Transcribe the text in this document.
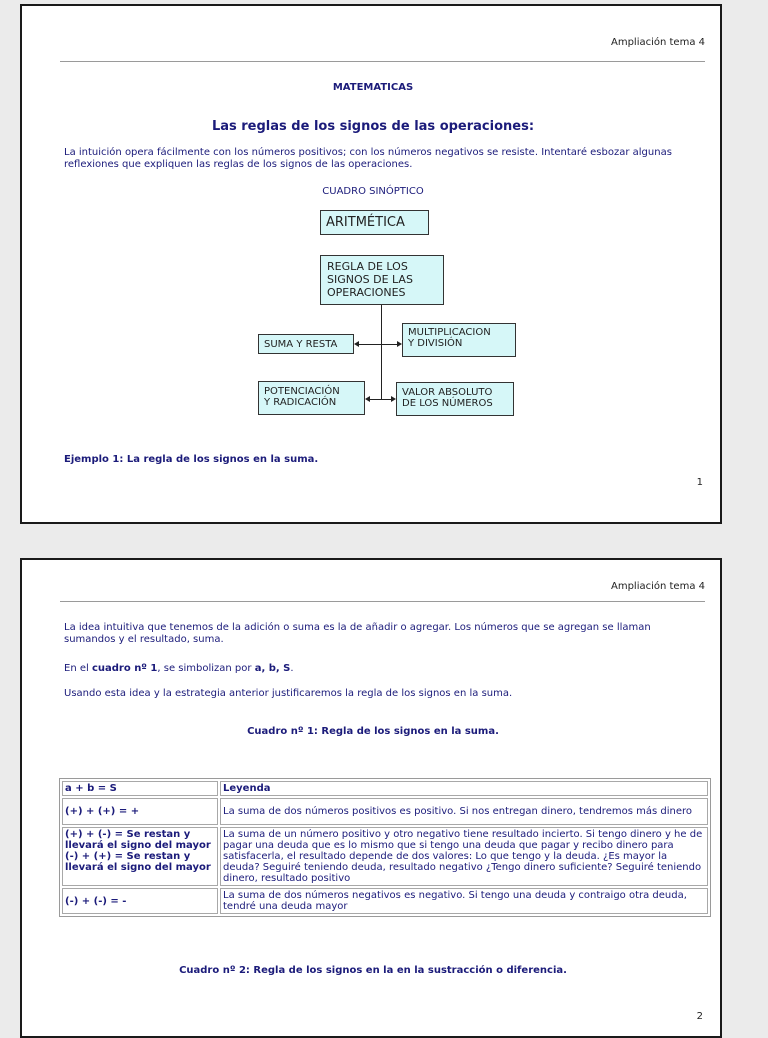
Ampliación tema 4

MATEMATICAS

Las reglas de los signos de las operaciones:

La intuición opera fácilmente con los números positivos; con los números negativos se resiste. Intentaré esbozar algunas reflexiones que expliquen las reglas de los signos de las operaciones.

CUADRO SINÓPTICO

ARITMÉTICA
REGLA DE LOS
SIGNOS DE LAS
OPERACIONES
SUMA Y RESTA
MULTIPLICACION
Y DIVISIÓN
POTENCIACIÓN
Y RADICACIÓN
VALOR ABSOLUTO
DE LOS NÚMEROS

Ejemplo 1: La regla de los signos en la suma.

1
Ampliación tema 4

La idea intuitiva que tenemos de la adición o suma es la de añadir o agregar. Los números que se agregan se llaman sumandos y el resultado, suma.

En el cuadro nº 1, se simbolizan por a, b, S.

Usando esta idea y la estrategia anterior justificaremos la regla de los signos en la suma.

Cuadro nº 1: Regla de los signos en la suma.

a + b = S	Leyenda
(+) + (+) = +	La suma de dos números positivos es positivo. Si nos entregan dinero, tendremos más dinero

(+) + (-) = Se restan y llevará el signo del mayor
(-) + (+) = Se restan y llevará el signo del mayor	La suma de un número positivo y otro negativo tiene resultado incierto. Si tengo dinero y he de pagar una deuda que es lo mismo que si tengo una deuda que pagar y recibo dinero para satisfacerla, el resultado depende de dos valores: Lo que tengo y la deuda. ¿Es mayor la deuda? Seguiré teniendo deuda, resultado negativo ¿Tengo dinero suficiente? Seguiré teniendo dinero, resultado positivo
(-) + (-) = -	La suma de dos números negativos es negativo. Si tengo una deuda y contraigo otra deuda, tendré una deuda mayor

Cuadro nº 2: Regla de los signos en la en la sustracción o diferencia.

2
